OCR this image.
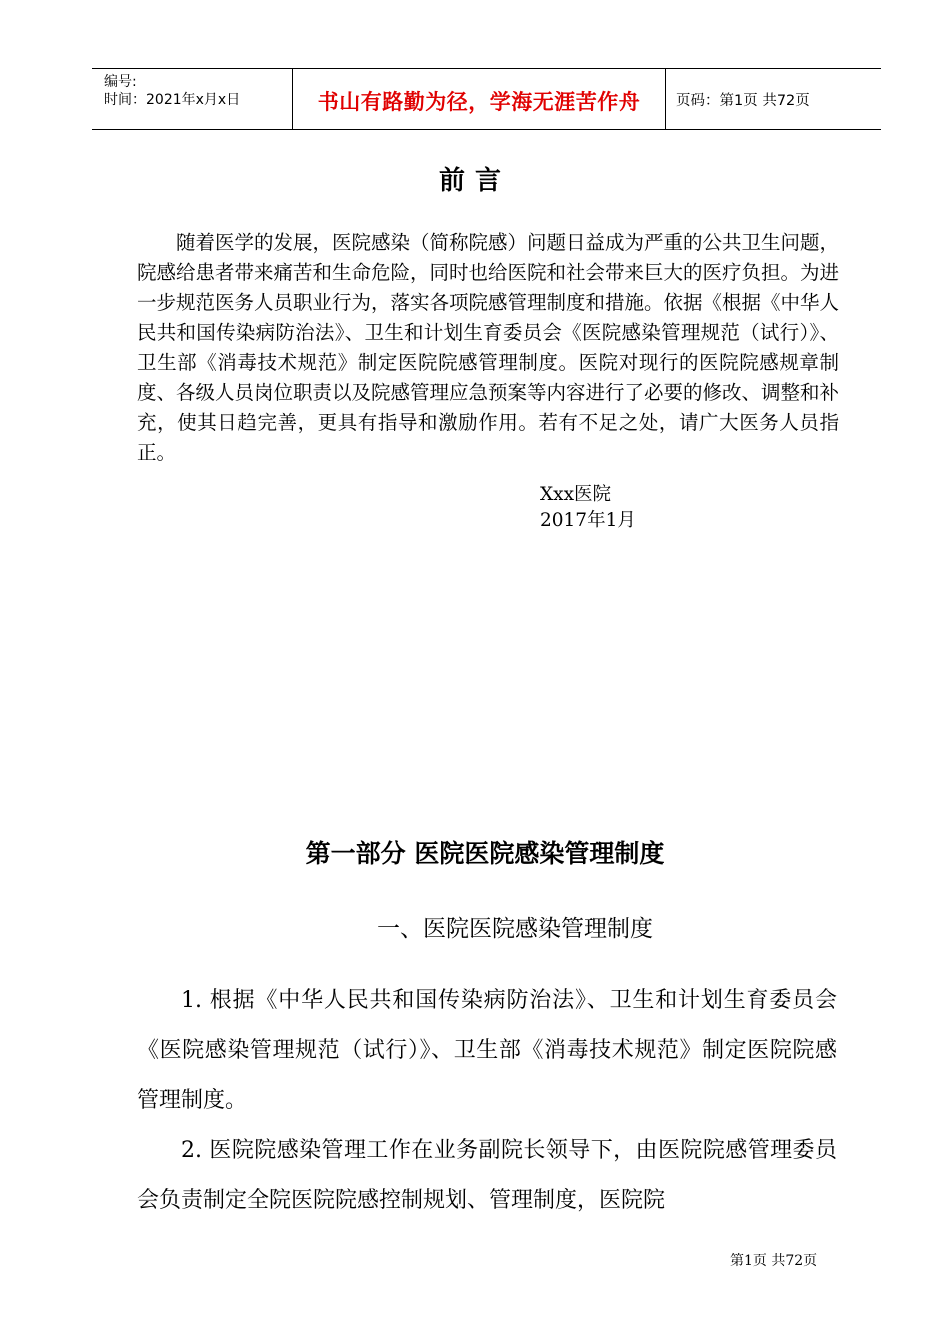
编号:
时间：2021年x月x日	书山有路勤为径，学海无涯苦作舟	页码：第1页 共72页
前言

随着医学的发展，医院感染（简称院感）问题日益成为严重的公共卫生问题，院感给患者带来痛苦和生命危险，同时也给医院和社会带来巨大的医疗负担。为进一步规范医务人员职业行为，落实各项院感管理制度和措施。依据《根据《中华人民共和国传染病防治法》、卫生和计划生育委员会《医院感染管理规范（试行）》、卫生部《消毒技术规范》制定医院院感管理制度。医院对现行的医院院感规章制度、各级人员岗位职责以及院感管理应急预案等内容进行了必要的修改、调整和补充，使其日趋完善，更具有指导和激励作用。若有不足之处，请广大医务人员指正。

Xxx医院
2017年1月
第一部分 医院医院感染管理制度
一、医院医院感染管理制度

1. 根据《中华人民共和国传染病防治法》、卫生和计划生育委员会《医院感染管理规范（试行）》、卫生部《消毒技术规范》制定医院院感管理制度。

2. 医院院感染管理工作在业务副院长领导下，由医院院感管理委员会负责制定全院医院院感控制规划、管理制度，医院院

第1页 共72页
